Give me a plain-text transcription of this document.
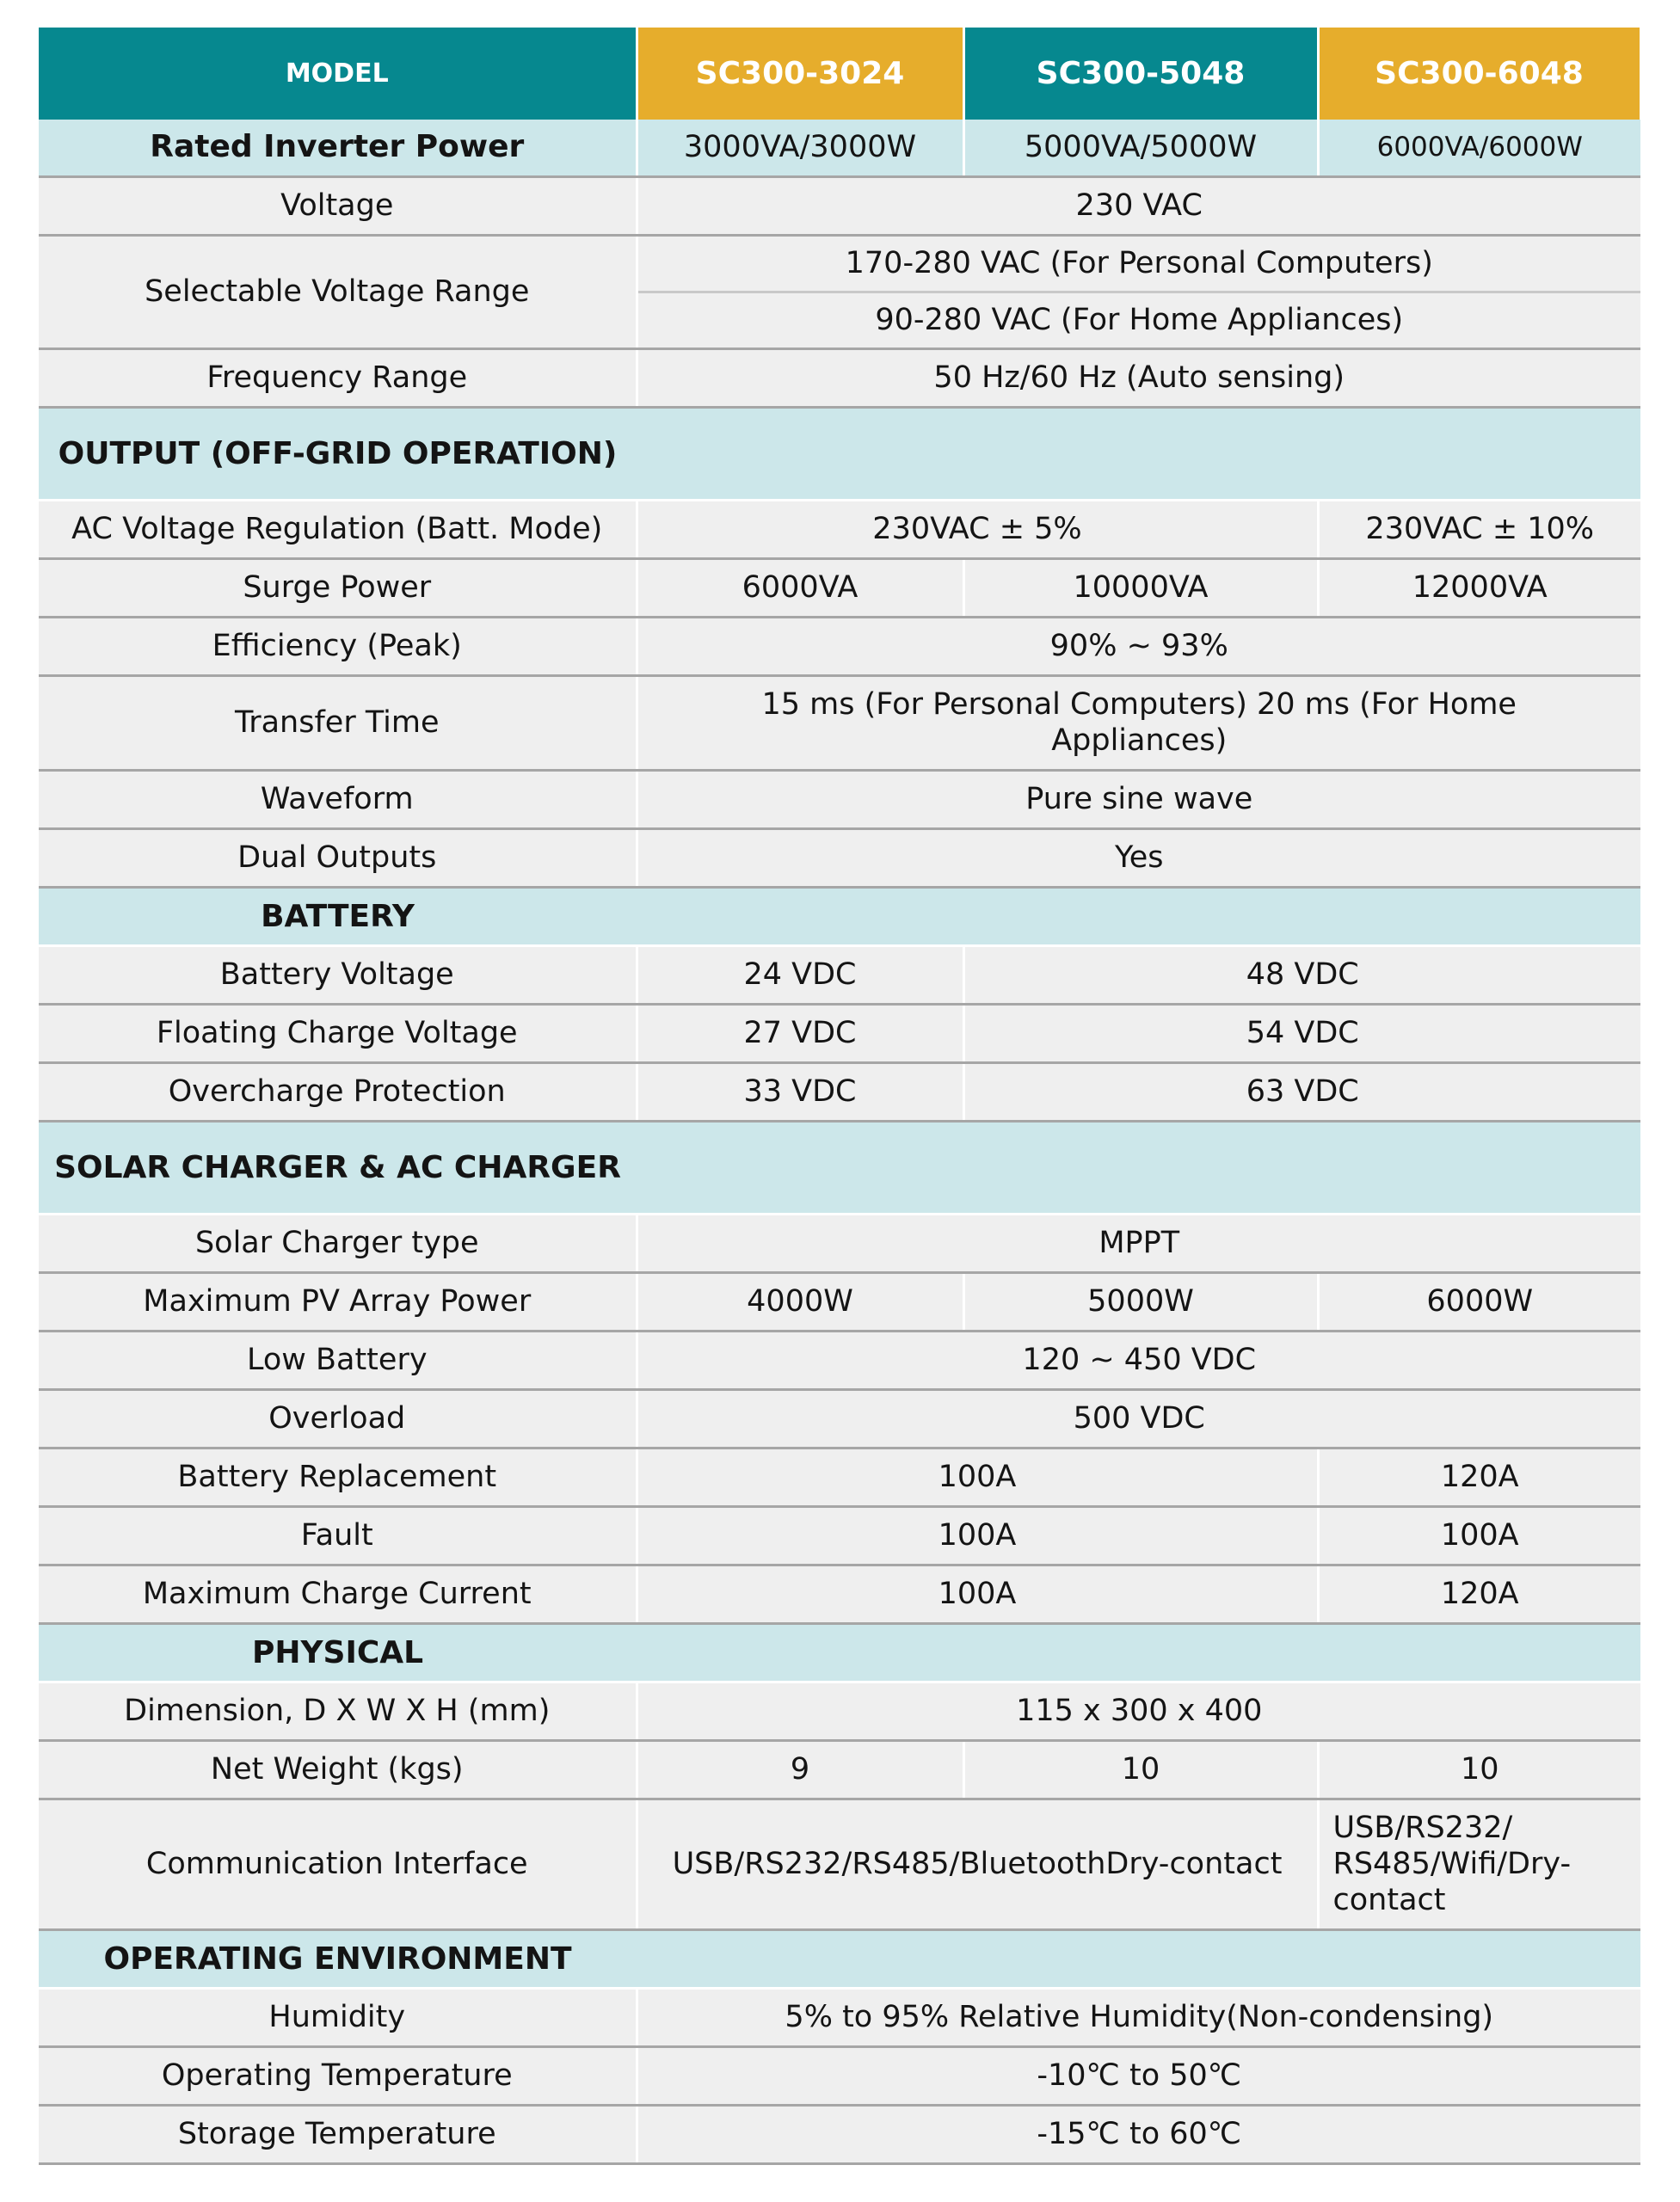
MODEL	SC300-3024	SC300-5048	SC300-6048
Rated Inverter Power	3000VA/3000W	5000VA/5000W	6000VA/6000W
Voltage	230 VAC		
Selectable Voltage Range	170-280 VAC (For Personal Computers)		
	90-280 VAC (For Home Appliances)		
Frequency Range	50 Hz/60 Hz (Auto sensing)		
OUTPUT (OFF-GRID OPERATION)			
AC Voltage Regulation (Batt. Mode)	230VAC ± 5%		230VAC ± 10%
Surge Power	6000VA	10000VA	12000VA
Efficiency (Peak)	90% ~ 93%		
Transfer Time	15 ms (For Personal Computers) 20 ms (For Home Appliances)		
Waveform	Pure sine wave		
Dual Outputs	Yes		
BATTERY			
Battery Voltage	24 VDC	48 VDC	
Floating Charge Voltage	27 VDC	54 VDC	
Overcharge Protection	33 VDC	63 VDC	
SOLAR CHARGER & AC CHARGER			
Solar Charger type	MPPT		
Maximum PV Array Power	4000W	5000W	6000W
Low Battery	120 ~ 450 VDC		
Overload	500 VDC		
Battery Replacement	100A		120A
Fault	100A		100A
Maximum Charge Current	100A		120A
PHYSICAL			
Dimension, D X W X H (mm)	115 x 300 x 400		
Net Weight (kgs)	9	10	10
Communication Interface	USB/RS232/RS485/BluetoothDry-contact		USB/RS232/ RS485/Wifi/Dry-contact
OPERATING ENVIRONMENT			
Humidity	5% to 95% Relative Humidity(Non-condensing)		
Operating Temperature	-10℃ to 50℃		
Storage Temperature	-15℃ to 60℃		
